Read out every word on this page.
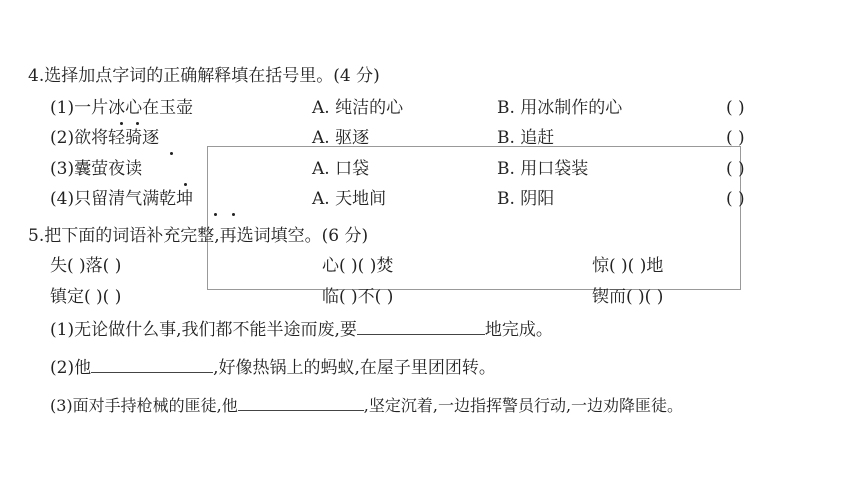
4.选择加点字词的正确解释填在括号里。(4 分)
(1)一片冰心在玉壶	A. 纯洁的心	B. 用冰制作的心	( )
(2)欲将轻骑逐	A. 驱逐	B. 追赶	( )
(3)囊萤夜读	A. 口袋	B. 用口袋装	( )
(4)只留清气满乾坤	A. 天地间	B. 阴阳	( )
5.把下面的词语补充完整,再选词填空。(6 分)
失( )落( )	心( )( )焚	惊( )( )地
镇定( )( )	临( )不( )	锲而( )( )
(1)无论做什么事,我们都不能半途而废,要	地完成。
(2)他	,好像热锅上的蚂蚁,在屋子里团团转。
(3)面对手持枪械的匪徒,他	,坚定沉着,一边指挥警员行动,一边劝降匪徒。
